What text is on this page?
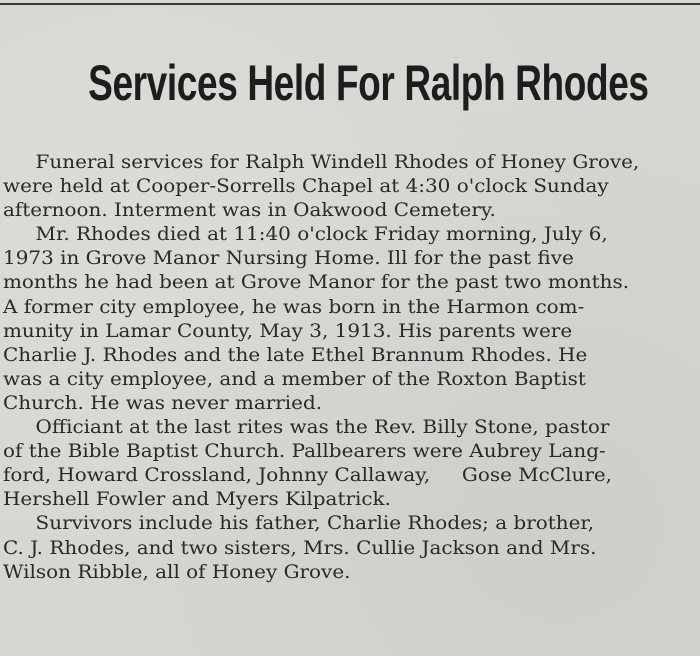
Services Held For Ralph Rhodes
Funeral services for Ralph Windell Rhodes of Honey Grove,
were held at Cooper-Sorrells Chapel at 4:30 o'clock Sunday
afternoon. Interment was in Oakwood Cemetery.
Mr. Rhodes died at 11:40 o'clock Friday morning, July 6,
1973 in Grove Manor Nursing Home. Ill for the past five
months he had been at Grove Manor for the past two months.
A former city employee, he was born in the Harmon com-
munity in Lamar County, May 3, 1913. His parents were
Charlie J. Rhodes and the late Ethel Brannum Rhodes. He
was a city employee, and a member of the Roxton Baptist
Church. He was never married.
Officiant at the last rites was the Rev. Billy Stone, pastor
of the Bible Baptist Church. Pallbearers were Aubrey Lang-
ford, Howard Crossland, Johnny Callaway,     Gose McClure,
Hershell Fowler and Myers Kilpatrick.
Survivors include his father, Charlie Rhodes; a brother,
C. J. Rhodes, and two sisters, Mrs. Cullie Jackson and Mrs.
Wilson Ribble, all of Honey Grove.
